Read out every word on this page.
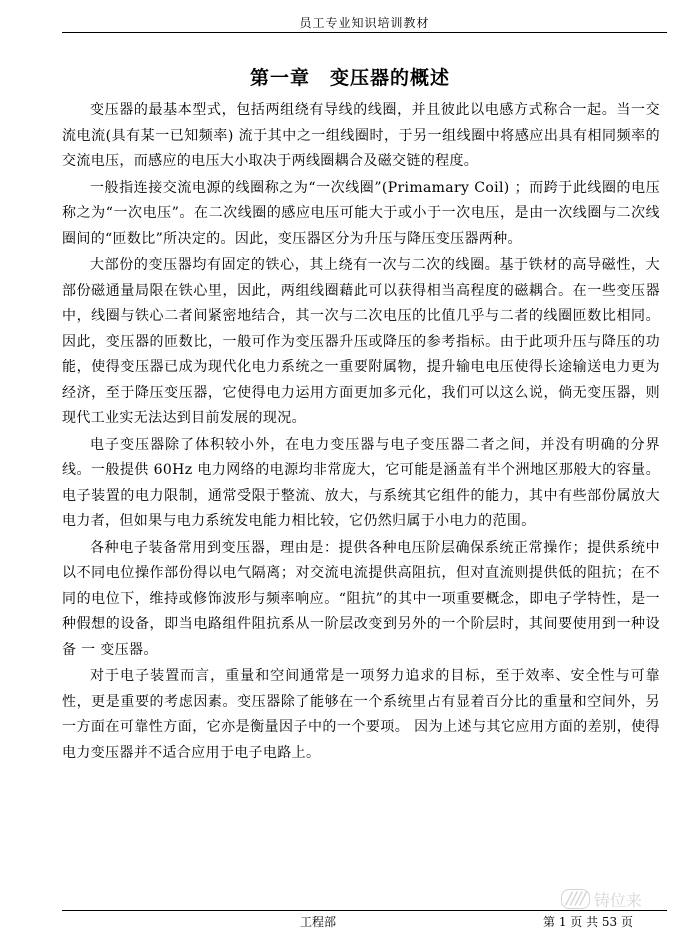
员工专业知识培训教材
第一章　变压器的概述

变压器的最基本型式，包括两组绕有导线的线圈，并且彼此以电感方式称合一起。当一交流电流(具有某一已知频率) 流于其中之一组线圈时，于另一组线圈中将感应出具有相同频率的交流电压，而感应的电压大小取决于两线圈耦合及磁交链的程度。

一般指连接交流电源的线圈称之为“一次线圈”(Primamary Coil) ；而跨于此线圈的电压称之为“一次电压”。在二次线圈的感应电压可能大于或小于一次电压，是由一次线圈与二次线圈间的“匝数比”所决定的。因此，变压器区分为升压与降压变压器两种。

大部份的变压器均有固定的铁心，其上绕有一次与二次的线圈。基于铁材的高导磁性，大部份磁通量局限在铁心里，因此，两组线圈藉此可以获得相当高程度的磁耦合。在一些变压器中，线圈与铁心二者间紧密地结合，其一次与二次电压的比值几乎与二者的线圈匝数比相同。因此，变压器的匝数比，一般可作为变压器升压或降压的参考指标。由于此项升压与降压的功能，使得变压器已成为现代化电力系统之一重要附属物，提升输电电压使得长途输送电力更为经济，至于降压变压器，它使得电力运用方面更加多元化，我们可以这么说，倘无变压器，则现代工业实无法达到目前发展的现况。

电子变压器除了体积较小外，在电力变压器与电子变压器二者之间，并没有明确的分界线。一般提供 60Hz 电力网络的电源均非常庞大，它可能是涵盖有半个洲地区那般大的容量。电子装置的电力限制，通常受限于整流、放大，与系统其它组件的能力，其中有些部份属放大电力者，但如果与电力系统发电能力相比较，它仍然归属于小电力的范围。

各种电子装备常用到变压器，理由是：提供各种电压阶层确保系统正常操作；提供系统中以不同电位操作部份得以电气隔离；对交流电流提供高阻抗，但对直流则提供低的阻抗；在不同的电位下，维持或修饰波形与频率响应。“阻抗”的其中一项重要概念，即电子学特性，是一种假想的设备，即当电路组件阻抗系从一阶层改变到另外的一个阶层时，其间要使用到一种设备 一 变压器。

对于电子装置而言，重量和空间通常是一项努力追求的目标，至于效率、安全性与可靠性，更是重要的考虑因素。变压器除了能够在一个系统里占有显着百分比的重量和空间外，另一方面在可靠性方面，它亦是衡量因子中的一个要项。 因为上述与其它应用方面的差别，使得电力变压器并不适合应用于电子电路上。

//// 铸位来
工程部	第 1 页 共 53 页
